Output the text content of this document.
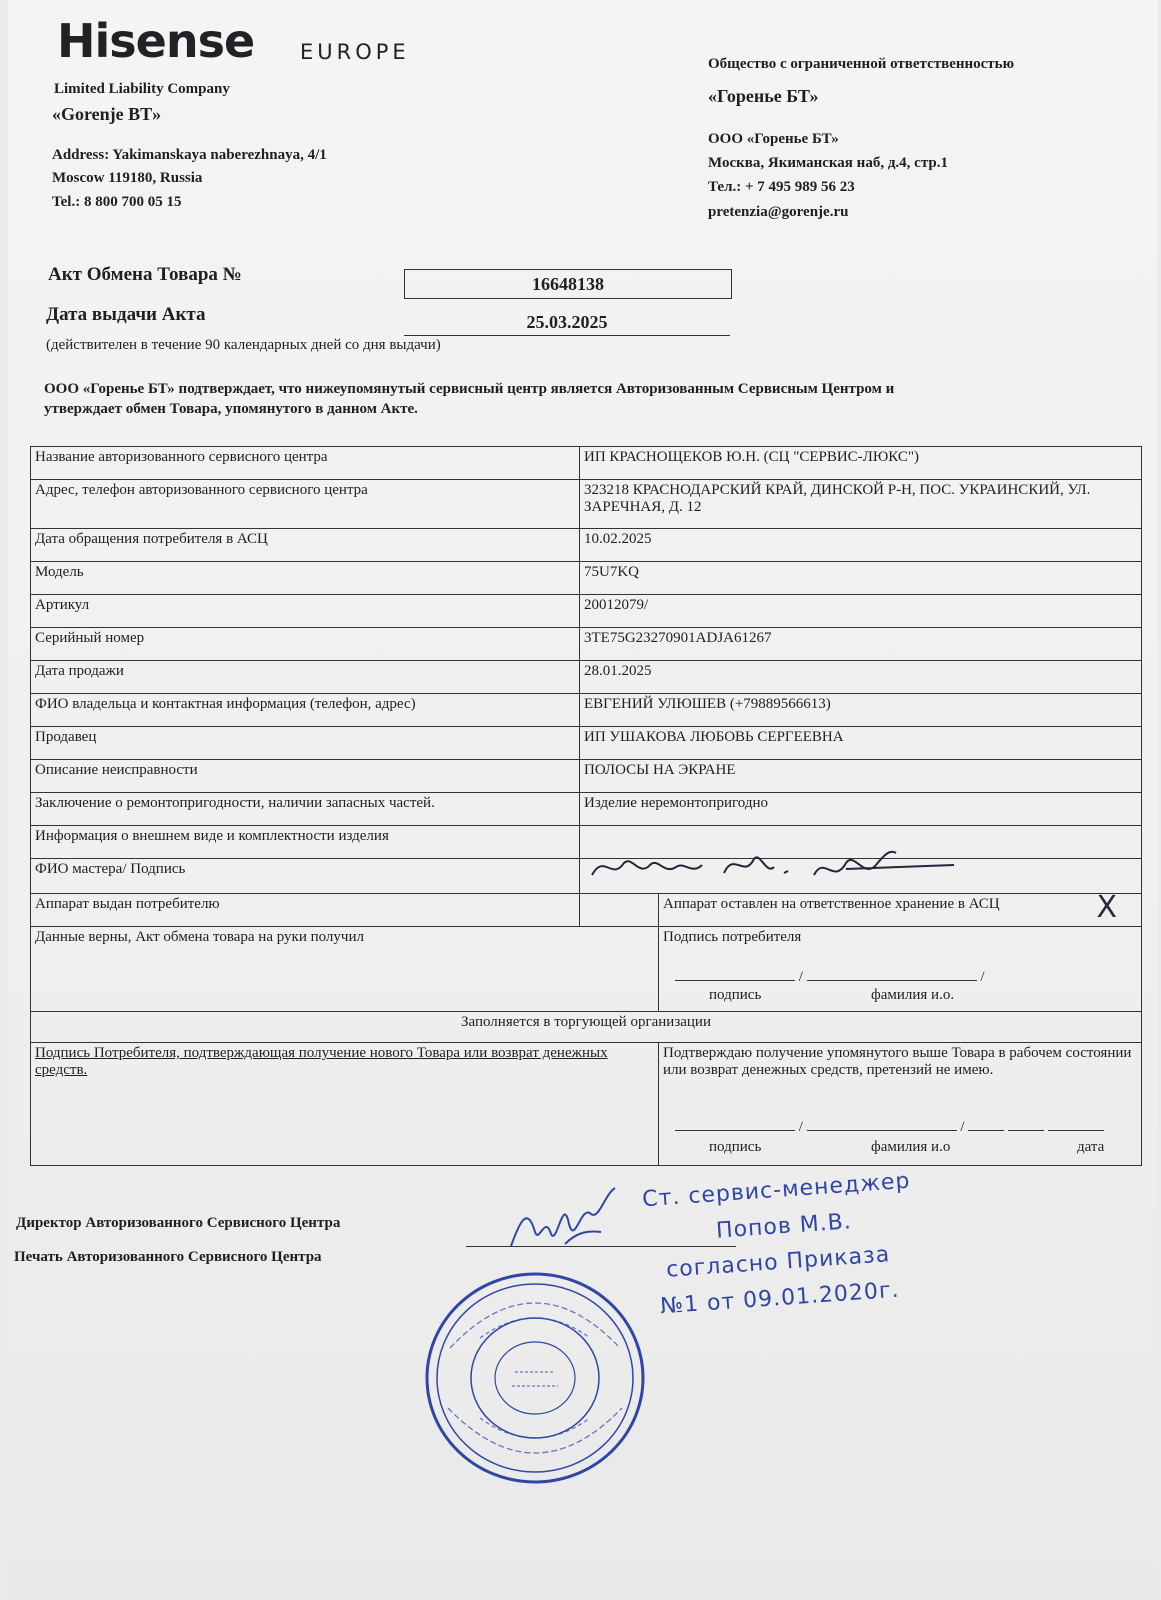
Hisense EUROPE
Limited Liability Company
«Gorenje BT»
Address: Yakimanskaya naberezhnaya, 4/1
Moscow 119180, Russia
Tel.: 8 800 700 05 15
Общество с ограниченной ответственностью
«Горенье БТ»
ООО «Горенье БТ»
Москва, Якиманская наб, д.4, стр.1
Тел.: + 7 495 989 56 23
pretenzia@gorenje.ru
Акт Обмена Товара №	16648138
Дата выдачи Акта	25.03.2025
(действителен в течение 90 календарных дней со дня выдачи)
ООО «Горенье БТ» подтверждает, что нижеупомянутый сервисный центр является Авторизованным Сервисным Центром и
утверждает обмен Товара, упомянутого в данном Акте.
Название авторизованного сервисного центра	ИП КРАСНОЩЕКОВ Ю.Н. (СЦ "СЕРВИС-ЛЮКС")	
Адрес, телефон авторизованного сервисного центра	323218 КРАСНОДАРСКИЙ КРАЙ, ДИНСКОЙ Р-Н, ПОС. УКРАИНСКИЙ, УЛ. ЗАРЕЧНАЯ, Д. 12	
Дата обращения потребителя в АСЦ	10.02.2025	
Модель	75U7KQ	
Артикул	20012079/	
Серийный номер	3TE75G23270901ADJA61267	
Дата продажи	28.01.2025	
ФИО владельца и контактная информация (телефон, адрес)	ЕВГЕНИЙ УЛЮШЕВ (+79889566613)	
Продавец	ИП УШАКОВА ЛЮБОВЬ СЕРГЕЕВНА	
Описание неисправности	ПОЛОСЫ НА ЭКРАНЕ	
Заключение о ремонтопригодности, наличии запасных частей.	Изделие неремонтопригодно	
Информация о внешнем виде и комплектности изделия		
ФИО мастера/ Подпись	

Аппарат выдан потребителю		Аппарат оставлен на ответственное хранение в АСЦ X

Данные верны, Акт обмена товара на руки получил		Подпись потребителя
/ /
подпись фамилия и.о.

Заполняется в торгующей организации		
Подпись Потребителя, подтверждающая получение нового Товара или возврат денежных средств.		Подтверждаю получение упомянутого выше Товара в рабочем состоянии или возврат денежных средств, претензий не имею.
/ /
подпись фамилия и.о дата
Директор Авторизованного Сервисного Центра
Печать Авторизованного Сервисного Центра
Ст. сервис-менеджер
Попов М.В.
согласно Приказа
№1 от 09.01.2020г.
